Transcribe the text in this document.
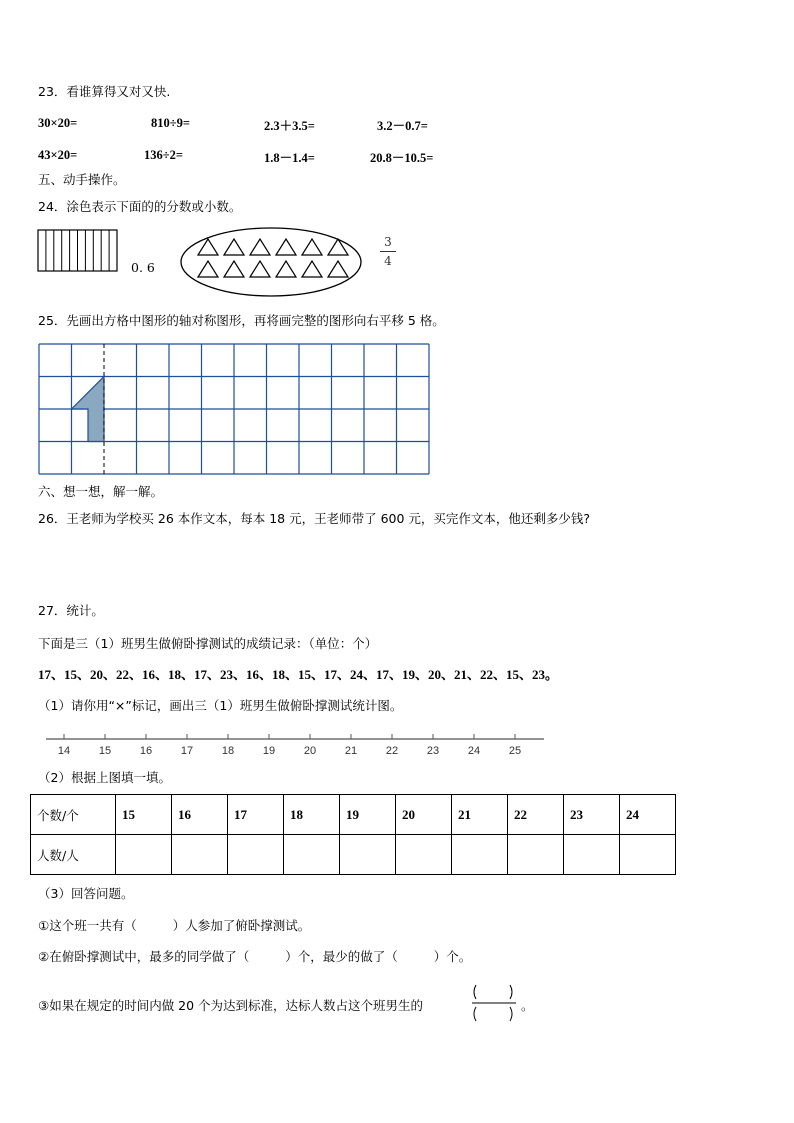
23．看谁算得又对又快.
30×20=	810÷9=	2.3＋3.5=	3.2－0.7=
43×20=	136÷2=	1.8－1.4=	20.8－10.5=
五、动手操作。
24．涂色表示下面的的分数或小数。
0. 6
3
4
25．先画出方格中图形的轴对称图形，再将画完整的图形向右平移 5 格。
六、想一想，解一解。
26．王老师为学校买 26 本作文本，每本 18 元，王老师带了 600 元，买完作文本，他还剩多少钱?
27．统计。
下面是三（1）班男生做俯卧撑测试的成绩记录：（单位：个）
17、15、20、22、16、18、17、23、16、18、15、17、24、17、19、20、21、22、15、23。
（1）请你用“×”标记，画出三（1）班男生做俯卧撑测试统计图。
14	15	16	17	18	19	20	21	22	23	24	25
（2）根据上图填一填。
个数/个	15	16	17	18	19	20	21	22	23	24
人数/人										
（3）回答问题。
①这个班一共有（	）人参加了俯卧撑测试。
②在俯卧撑测试中，最多的同学做了（	）个，最少的做了（	）个。
③如果在规定的时间内做 20 个为达到标准，达标人数占这个班男生的	。
